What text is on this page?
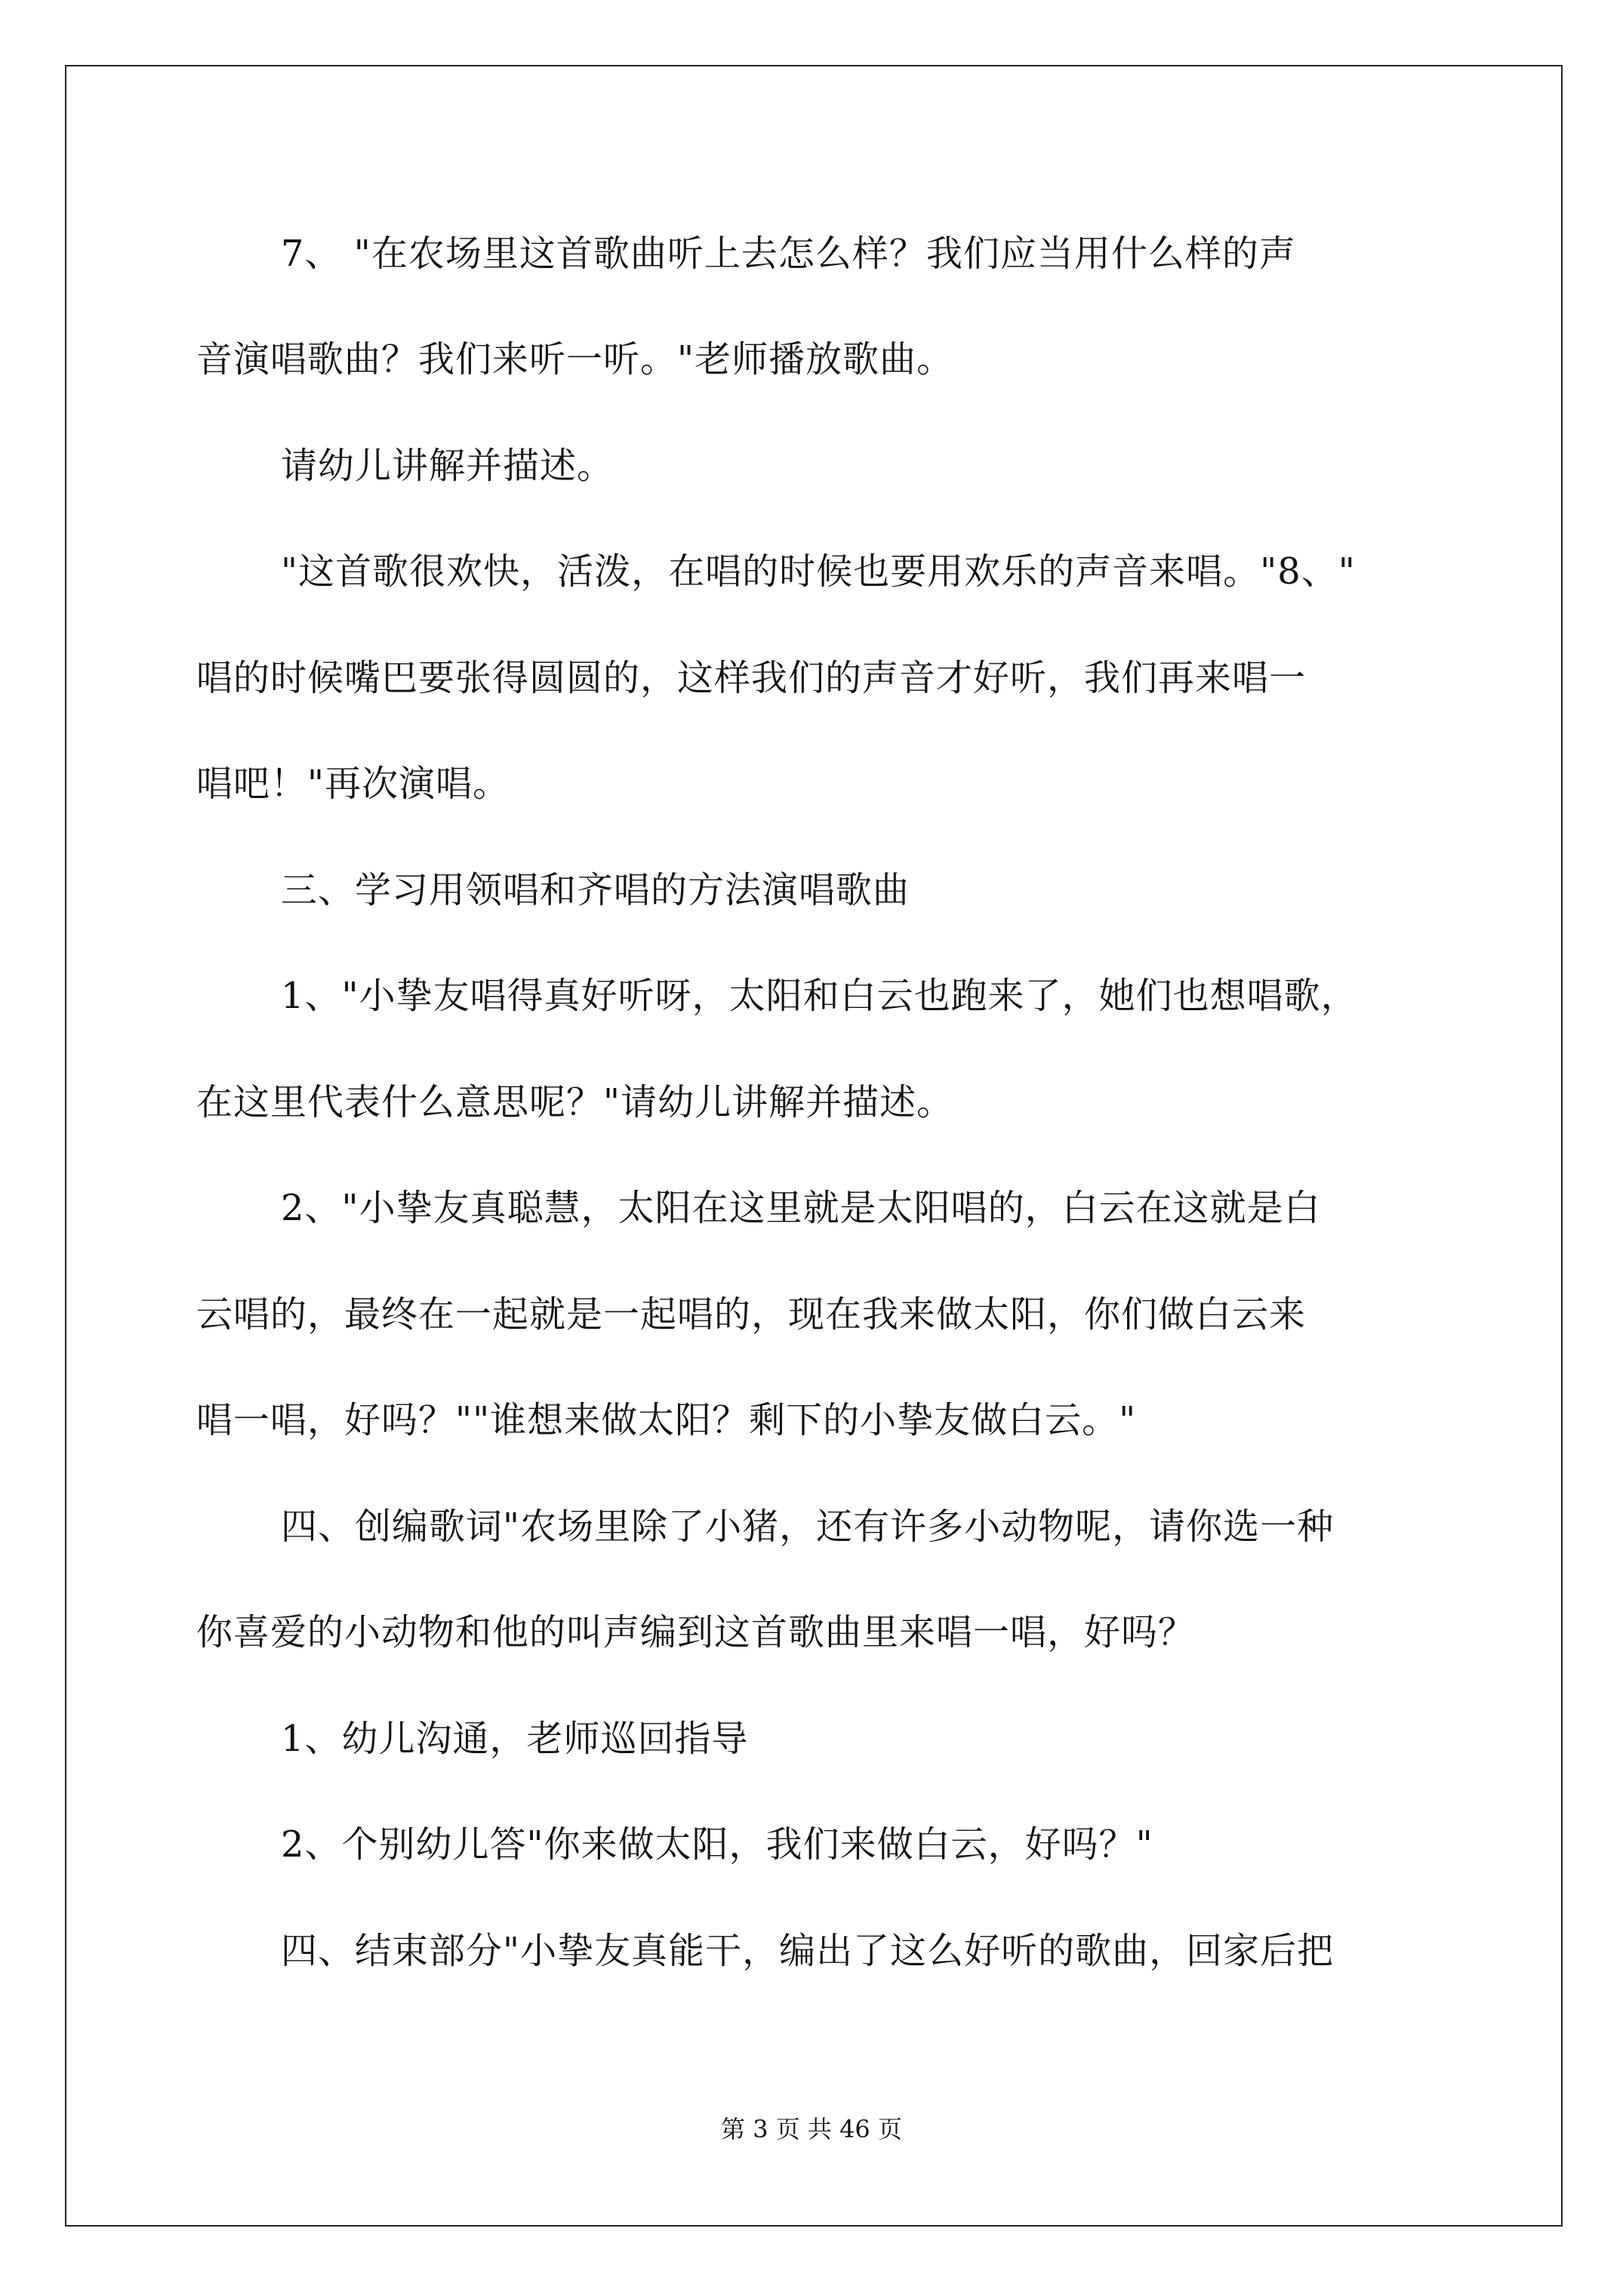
7、 "在农场里这首歌曲听上去怎么样？我们应当用什么样的声
音演唱歌曲？我们来听一听。"老师播放歌曲。
请幼儿讲解并描述。
"这首歌很欢快，活泼，在唱的时候也要用欢乐的声音来唱。"8、"
唱的时候嘴巴要张得圆圆的，这样我们的声音才好听，我们再来唱一
唱吧！"再次演唱。
三、学习用领唱和齐唱的方法演唱歌曲
1、"小挚友唱得真好听呀，太阳和白云也跑来了，她们也想唱歌，
在这里代表什么意思呢？"请幼儿讲解并描述。
2、"小挚友真聪慧，太阳在这里就是太阳唱的，白云在这就是白
云唱的，最终在一起就是一起唱的，现在我来做太阳，你们做白云来
唱一唱，好吗？""谁想来做太阳？剩下的小挚友做白云。"
四、创编歌词"农场里除了小猪，还有许多小动物呢，请你选一种
你喜爱的小动物和他的叫声编到这首歌曲里来唱一唱，好吗？
1、幼儿沟通，老师巡回指导
2、个别幼儿答"你来做太阳，我们来做白云，好吗？"
四、结束部分"小挚友真能干，编出了这么好听的歌曲，回家后把
第 3 页 共 46 页
